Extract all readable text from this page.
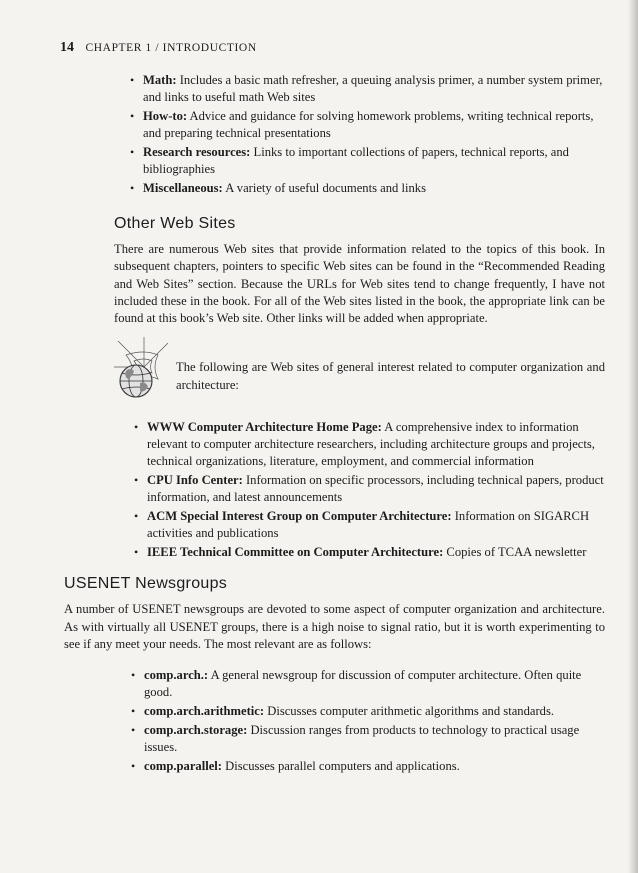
14 CHAPTER 1 / INTRODUCTION
• Math: Includes a basic math refresher, a queuing analysis primer, a number system primer, and links to useful math Web sites
• How-to: Advice and guidance for solving homework problems, writing technical reports, and preparing technical presentations
• Research resources: Links to important collections of papers, technical reports, and bibliographies
• Miscellaneous: A variety of useful documents and links
Other Web Sites

There are numerous Web sites that provide information related to the topics of this book. In subsequent chapters, pointers to specific Web sites can be found in the “Recommended Reading and Web Sites” section. Because the URLs for Web sites tend to change frequently, I have not included these in the book. For all of the Web sites listed in the book, the appropriate link can be found at this book’s Web site. Other links will be added when appropriate.

The following are Web sites of general interest related to computer organization and architecture:
• WWW Computer Architecture Home Page: A comprehensive index to information relevant to computer architecture researchers, including architecture groups and projects, technical organizations, literature, employment, and commercial information
• CPU Info Center: Information on specific processors, including technical papers, product information, and latest announcements
• ACM Special Interest Group on Computer Architecture: Information on SIGARCH activities and publications
• IEEE Technical Committee on Computer Architecture: Copies of TCAA newsletter
USENET Newsgroups

A number of USENET newsgroups are devoted to some aspect of computer organization and architecture. As with virtually all USENET groups, there is a high noise to signal ratio, but it is worth experimenting to see if any meet your needs. The most relevant are as follows:

• comp.arch.: A general newsgroup for discussion of computer architecture. Often quite good.
• comp.arch.arithmetic: Discusses computer arithmetic algorithms and standards.
• comp.arch.storage: Discussion ranges from products to technology to practical usage issues.
• comp.parallel: Discusses parallel computers and applications.
